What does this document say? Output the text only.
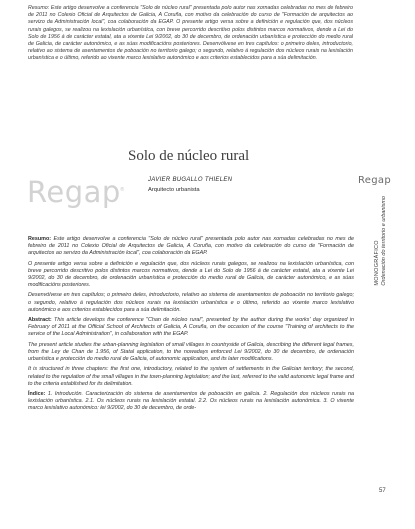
Resumo: Este artigo desenvolve a conferencia "Solo de núcleo rural" presentada polo autor nas xornadas celebradas no mes de febreiro de 2011 no Colexio Oficial de Arquitectos de Galicia, A Coruña, con motivo da celebración do curso de "Formación de arquitectos ao servizo da Administración local", coa colaboración da EGAP. O presente artigo versa sobre a definición e regulación que, dos núcleos rurais galegos, se realizou na lexislación urbanística, con breve percorrido descritivo polos distintos marcos normativos, dende a Lei do Solo de 1956 á de carácter estatal, ata a vixente Lei 9/2002, do 30 de decembro, de ordenación urbanística e protección do medio rural de Galicia, de carácter autonómico, e as súas modificacións posteriores. Desenvólvese en tres capítulos: o primeiro deles, introductorio, relativo ao sistema de asentamentos de poboación no territorio galego; o segundo, relativo á regulación dos núcleos rurais na lexislación urbanística e o último, referido ao vixente marco lexislativo autonómico e aos criterios establecidos para a súa delimitación.
Solo de núcleo rural
Regap®
JAVIER BUGALLO THIELEN
Arquitecto urbanista
Regap
MONOGRÁFICO Ordenación do territorio e urbanismo

Resumo: Este artigo desenvolve a conferencia "Solo de núcleo rural" presentada polo autor nas xornadas celebradas no mes de febreiro de 2011 no Colexio Oficial de Arquitectos de Galicia, A Coruña, con motivo da celebración do curso de "Formación de arquitectos ao servizo da Administración local", coa colaboración da EGAP.

O presente artigo versa sobre a definición e regulación que, dos núcleos rurais galegos, se realizou na lexislación urbanística, con breve percorrido descritivo polos distintos marcos normativos, dende a Lei do Solo de 1956 á de carácter estatal, ata a vixente Lei 9/2002, do 30 de decembro, de ordenación urbanística e protección do medio rural de Galicia, de carácter autonómico, e as súas modificacións posteriores.

Desenvólvese en tres capítulos; o primeiro deles, introductorio, relativo ao sistema de asentamentos de poboación no territorio galego; o segundo, relativo á regulación dos núcleos rurais na lexislación urbanística e o último, referido ao vixente marco lexislativo autonómico e aos criterios establecidos para a súa delimitación.

Abstract: This article develops the conference "Chan de núcleo rural", presented by the author during the works' day organized in February of 2011 at the Official School of Architects of Galicia, A Coruña, on the occasion of the course "Training of architects to the service of the Local Administration", in collaboration with the EGAP.

The present article studies the urban-planning legislation of small villages in countryside of Galicia, describing the different legal frames, from the Ley de Chan de 1.956, of Statal application, to the nowadays enforced Lei 9/2002, do 30 de decembro, de ordenación urbanística e protección do medio rural de Galicia, of autonomic application, and its later modifications.

It is structured in three chapters: the first one, introductory, related to the system of settlements in the Galician territory; the second, related to the regulation of the small villages in the town-planning legislation; and the last, referred to the valid autonomic legal frame and to the criteria established for its delimitation.

Índice: 1. Introdución. Caracterización do sistema de asentamentos de poboación en galicia. 2. Regulación dos núcleos rurais na lexislación urbanística. 2.1. Os núcleos rurais na lexislación estatal. 2.2. Os núcleos rurais na lexislación autonómica. 3. O vixente marco lexislativo autonómico: lei 9/2002, do 30 de decembro, de orde-

57
